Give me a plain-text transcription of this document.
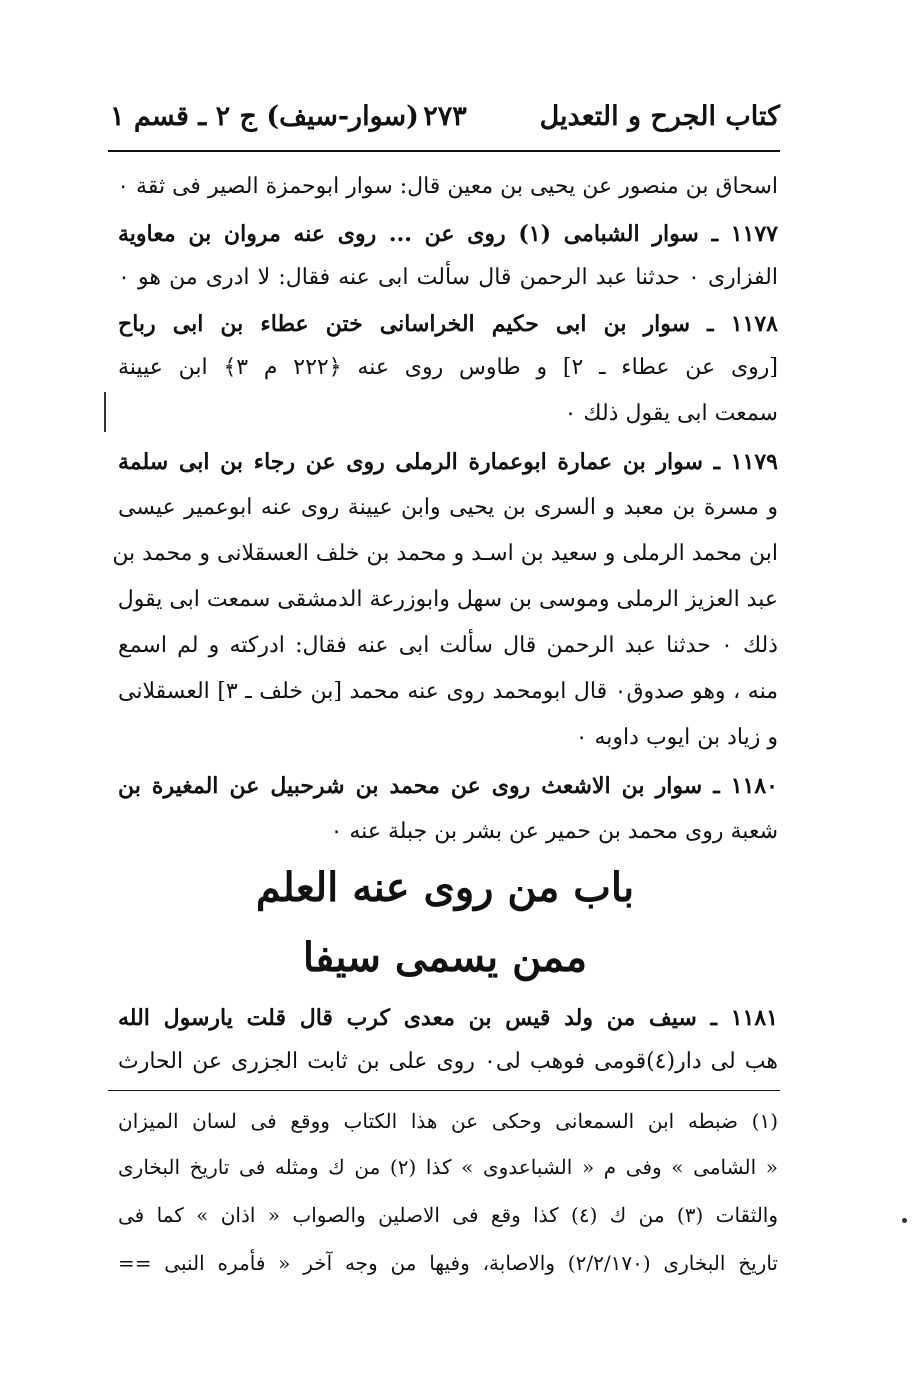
كتاب الجرح و التعديل
٢٧٣
(سوار-سيف) ج ٢ ـ قسم ١
اسحاق بن منصور عن يحيى بن معين قال: سوار ابوحمزة الصير فى ثقة ٠
١١٧٧ ـ سوار الشبامى (١) روى عن ... روى عنه مروان بن معاوية
الفزارى ٠ حدثنا عبد الرحمن قال سألت ابى عنه فقال: لا ادرى من هو ٠
١١٧٨ ـ سوار بن ابى حكيم الخراسانى ختن عطاء بن ابى رباح
[روى عن عطاء ـ ٢] و طاوس روى عنه ﴿٢٢٢ م ٣﴾ ابن عيينة
سمعت ابى يقول ذلك ٠
١١٧٩ ـ سوار بن عمارة ابوعمارة الرملى روى عن رجاء بن ابى سلمة
و مسرة بن معبد و السرى بن يحيى وابن عيينة روى عنه ابوعمير عيسى
ابن محمد الرملى و سعيد بن اسـد و محمد بن خلف العسقلانى و محمد بن
عبد العزيز الرملى وموسى بن سهل وابوزرعة الدمشقى سمعت ابى يقول
ذلك ٠ حدثنا عبد الرحمن قال سألت ابى عنه فقال: ادركته و لم اسمع
منه ، وهو صدوق٠ قال ابومحمد روى عنه محمد [بن خلف ـ ٣] العسقلانى
و زياد بن ايوب داوبه ٠
١١٨٠ ـ سوار بن الاشعث روى عن محمد بن شرحبيل عن المغيرة بن
شعبة روى محمد بن حمير عن بشر بن جبلة عنه ٠
باب من روى عنه العلم
ممن يسمى سيفا
١١٨١ ـ سيف من ولد قيس بن معدى كرب قال قلت يارسول الله
هب لى دار(٤)قومى فوهب لى٠ روى على بن ثابت الجزرى عن الحارث
(١) ضبطه ابن السمعانى وحكى عن هذا الكتاب ووقع فى لسان الميزان
« الشامى » وفى م « الشباعدوى » كذا (٢) من ك ومثله فى تاريخ البخارى
والثقات (٣) من ك (٤) كذا وقع فى الاصلين والصواب « اذان » كما فى
تاريخ البخارى (٢/٢/١٧٠) والاصابة، وفيها من وجه آخر « فأمره النبى ==
